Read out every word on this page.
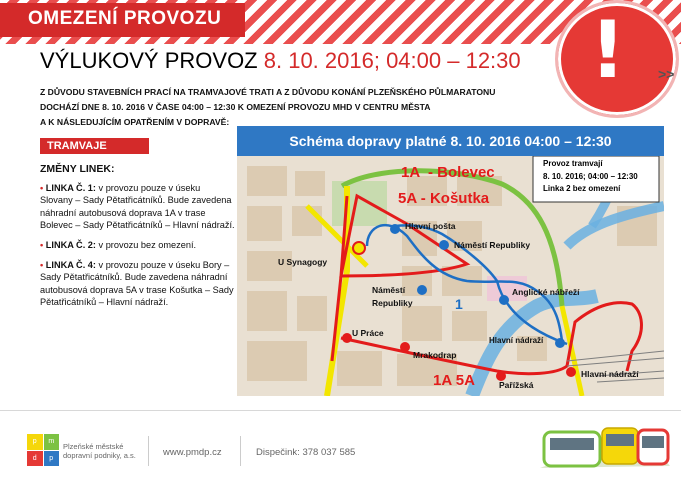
OMEZENÍ PROVOZU	! >>
VÝLUKOVÝ PROVOZ 8. 10. 2016; 04:00 – 12:30
Z DŮVODU STAVEBNÍCH PRACÍ NA TRAMVAJOVÉ TRATI A Z DŮVODU KONÁNÍ PLZEŇSKÉHO PŮLMARATONU
DOCHÁZÍ DNE 8. 10. 2016 V ČASE 04:00 – 12:30 K OMEZENÍ PROVOZU MHD V CENTRU MĚSTA
A K NÁSLEDUJÍCÍM OPATŘENÍM V DOPRAVĚ:
TRAMVAJE
ZMĚNY LINEK:

• LINKA Č. 1: v provozu pouze v úseku Slovany – Sady Pětatřicátníků. Bude zavedena náhradní autobusová doprava 1A v trase Bolevec – Sady Pětatřicátníků – Hlavní nádraží.

• LINKA Č. 2: v provozu bez omezení.

• LINKA Č. 4: v provozu pouze v úseku Bory – Sady Pětatřicátníků. Bude zavedena náhradní autobusová doprava 5A v trase Košutka – Sady Pětatřicátníků – Hlavní nádraží.

Provoz tramvají
8. 10. 2016; 04:00 – 12:30
Linka 2 bez omezení
1A  - Bolevec
5A - Košutka
1A 5A
1
Hlavní pošta
Náměstí Republiky
U Synagogy
Náměstí
Republiky
Anglické nábřeží
U Práce
Hlavní nádraží
Mrakodrap
Pařížská
Hlavní nádraží
Schéma dopravy platné 8. 10. 2016 04:00 – 12:30
p	m
d	p
Plzeňské městské
dopravní podniky, a.s.	www.pmdp.cz	Dispečink: 378 037 585
